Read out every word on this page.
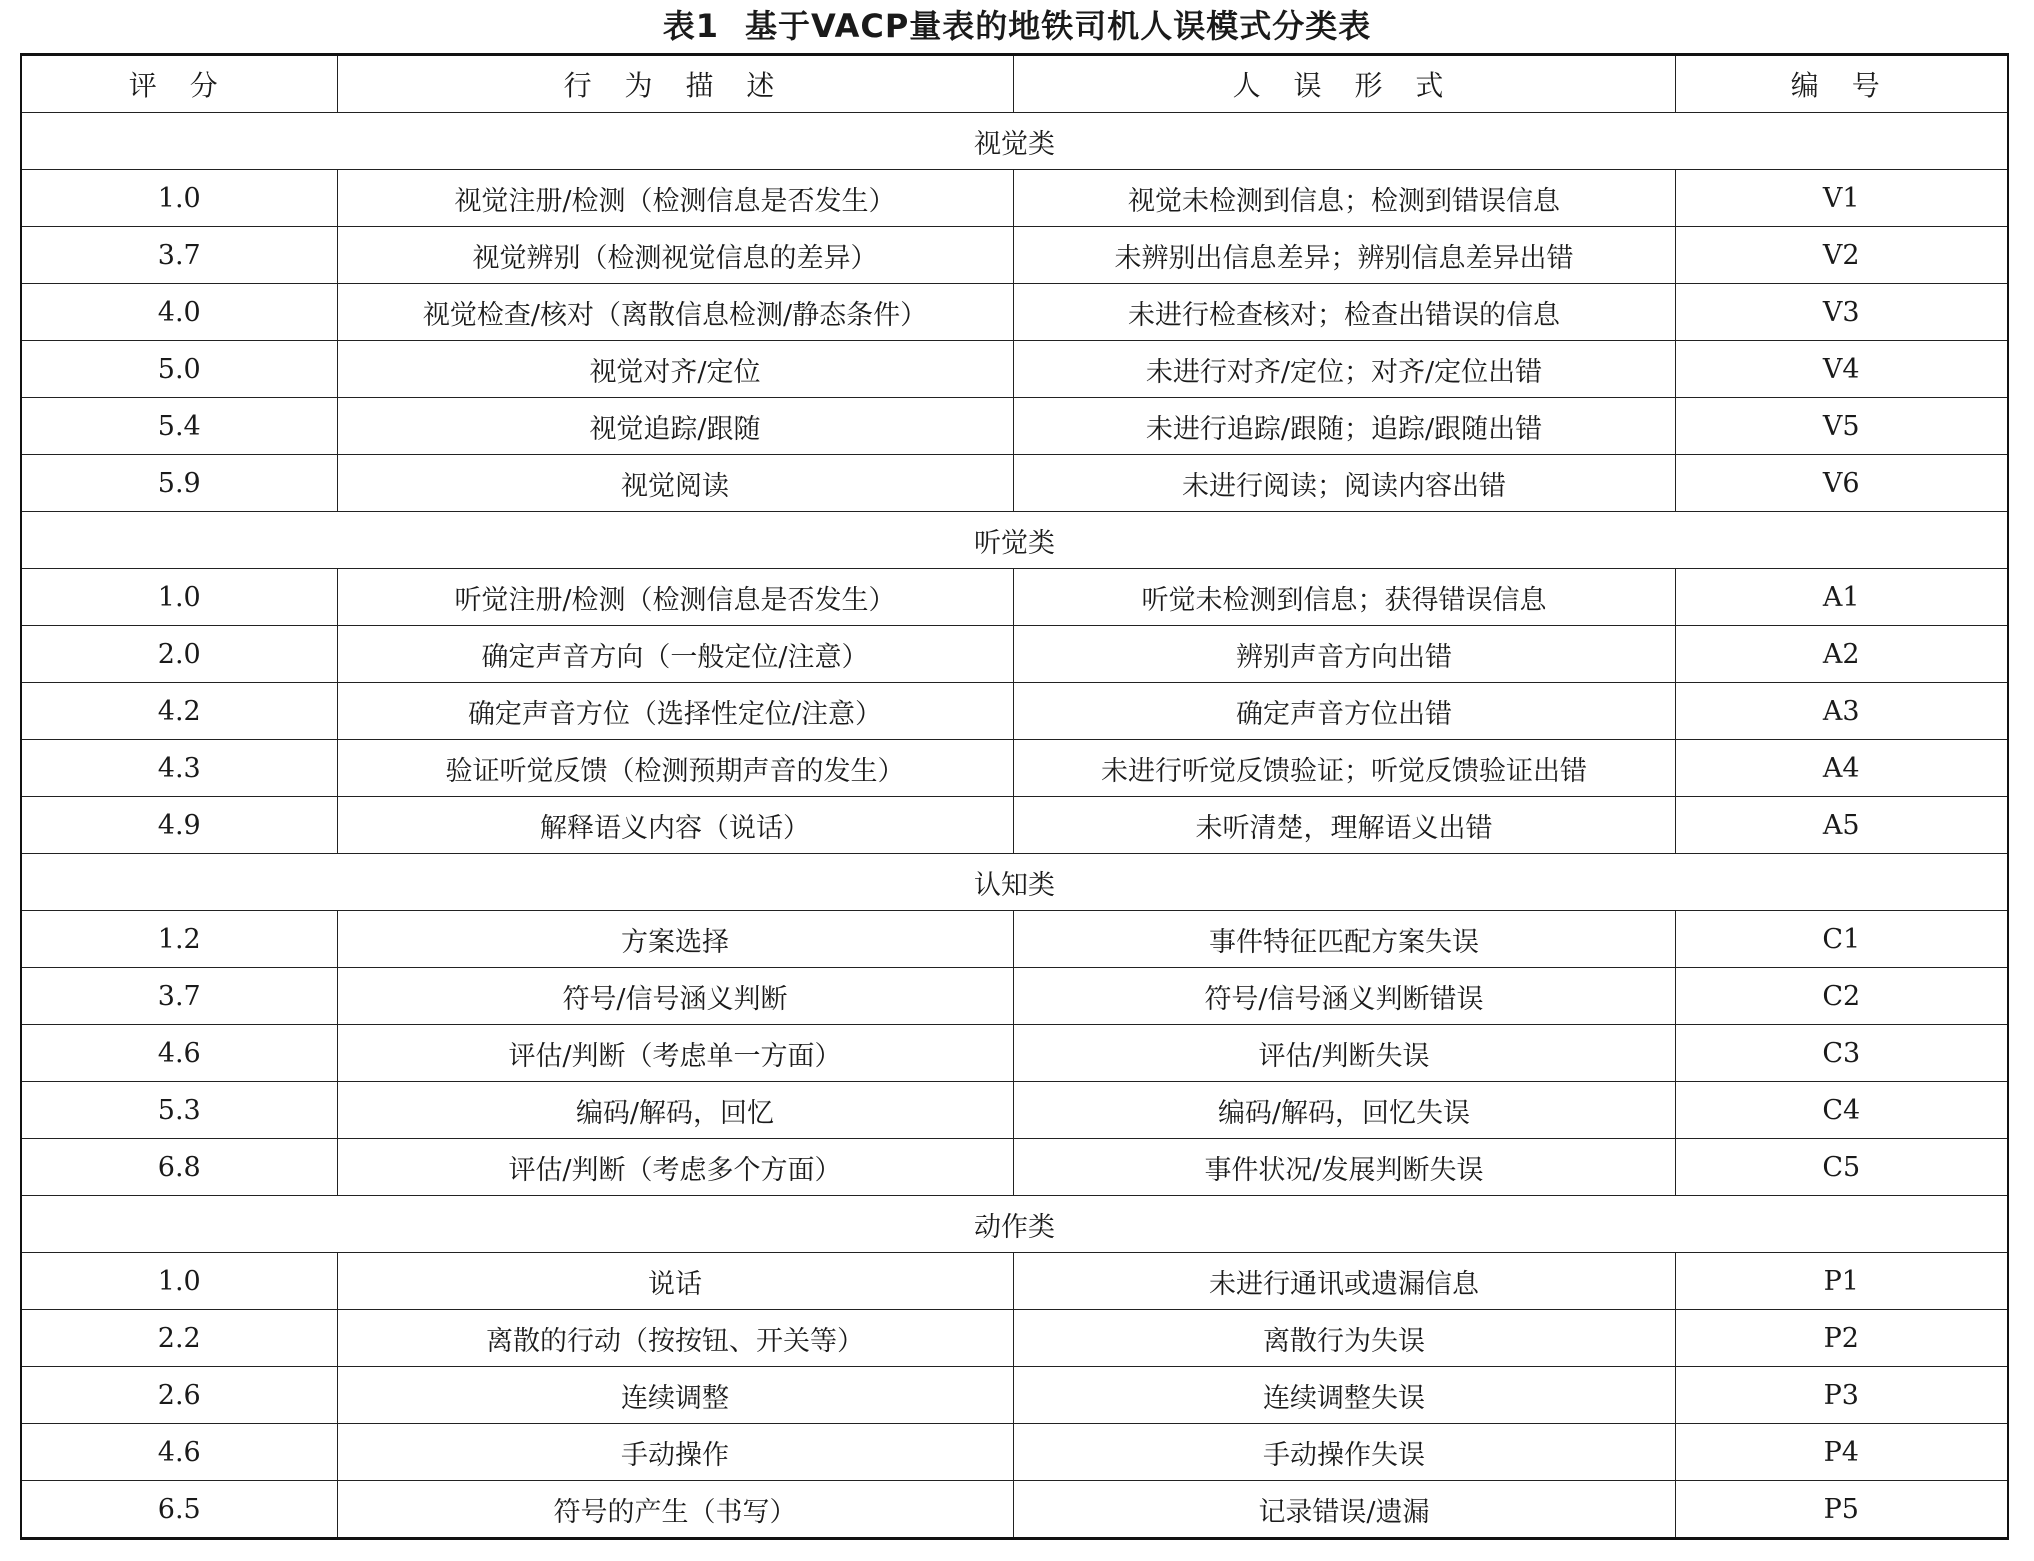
表1 基于VACP量表的地铁司机人误模式分类表
评 分	行 为 描 述	人 误 形 式	编 号
视觉类			
1.0	视觉注册/检测（检测信息是否发生）	视觉未检测到信息；检测到错误信息	V1
3.7	视觉辨别（检测视觉信息的差异）	未辨别出信息差异；辨别信息差异出错	V2
4.0	视觉检查/核对（离散信息检测/静态条件）	未进行检查核对；检查出错误的信息	V3
5.0	视觉对齐/定位	未进行对齐/定位；对齐/定位出错	V4
5.4	视觉追踪/跟随	未进行追踪/跟随；追踪/跟随出错	V5
5.9	视觉阅读	未进行阅读；阅读内容出错	V6
听觉类			
1.0	听觉注册/检测（检测信息是否发生）	听觉未检测到信息；获得错误信息	A1
2.0	确定声音方向（一般定位/注意）	辨别声音方向出错	A2
4.2	确定声音方位（选择性定位/注意）	确定声音方位出错	A3
4.3	验证听觉反馈（检测预期声音的发生）	未进行听觉反馈验证；听觉反馈验证出错	A4
4.9	解释语义内容（说话）	未听清楚，理解语义出错	A5
认知类			
1.2	方案选择	事件特征匹配方案失误	C1
3.7	符号/信号涵义判断	符号/信号涵义判断错误	C2
4.6	评估/判断（考虑单一方面）	评估/判断失误	C3
5.3	编码/解码，回忆	编码/解码，回忆失误	C4
6.8	评估/判断（考虑多个方面）	事件状况/发展判断失误	C5
动作类			
1.0	说话	未进行通讯或遗漏信息	P1
2.2	离散的行动（按按钮、开关等）	离散行为失误	P2
2.6	连续调整	连续调整失误	P3
4.6	手动操作	手动操作失误	P4
6.5	符号的产生（书写）	记录错误/遗漏	P5
